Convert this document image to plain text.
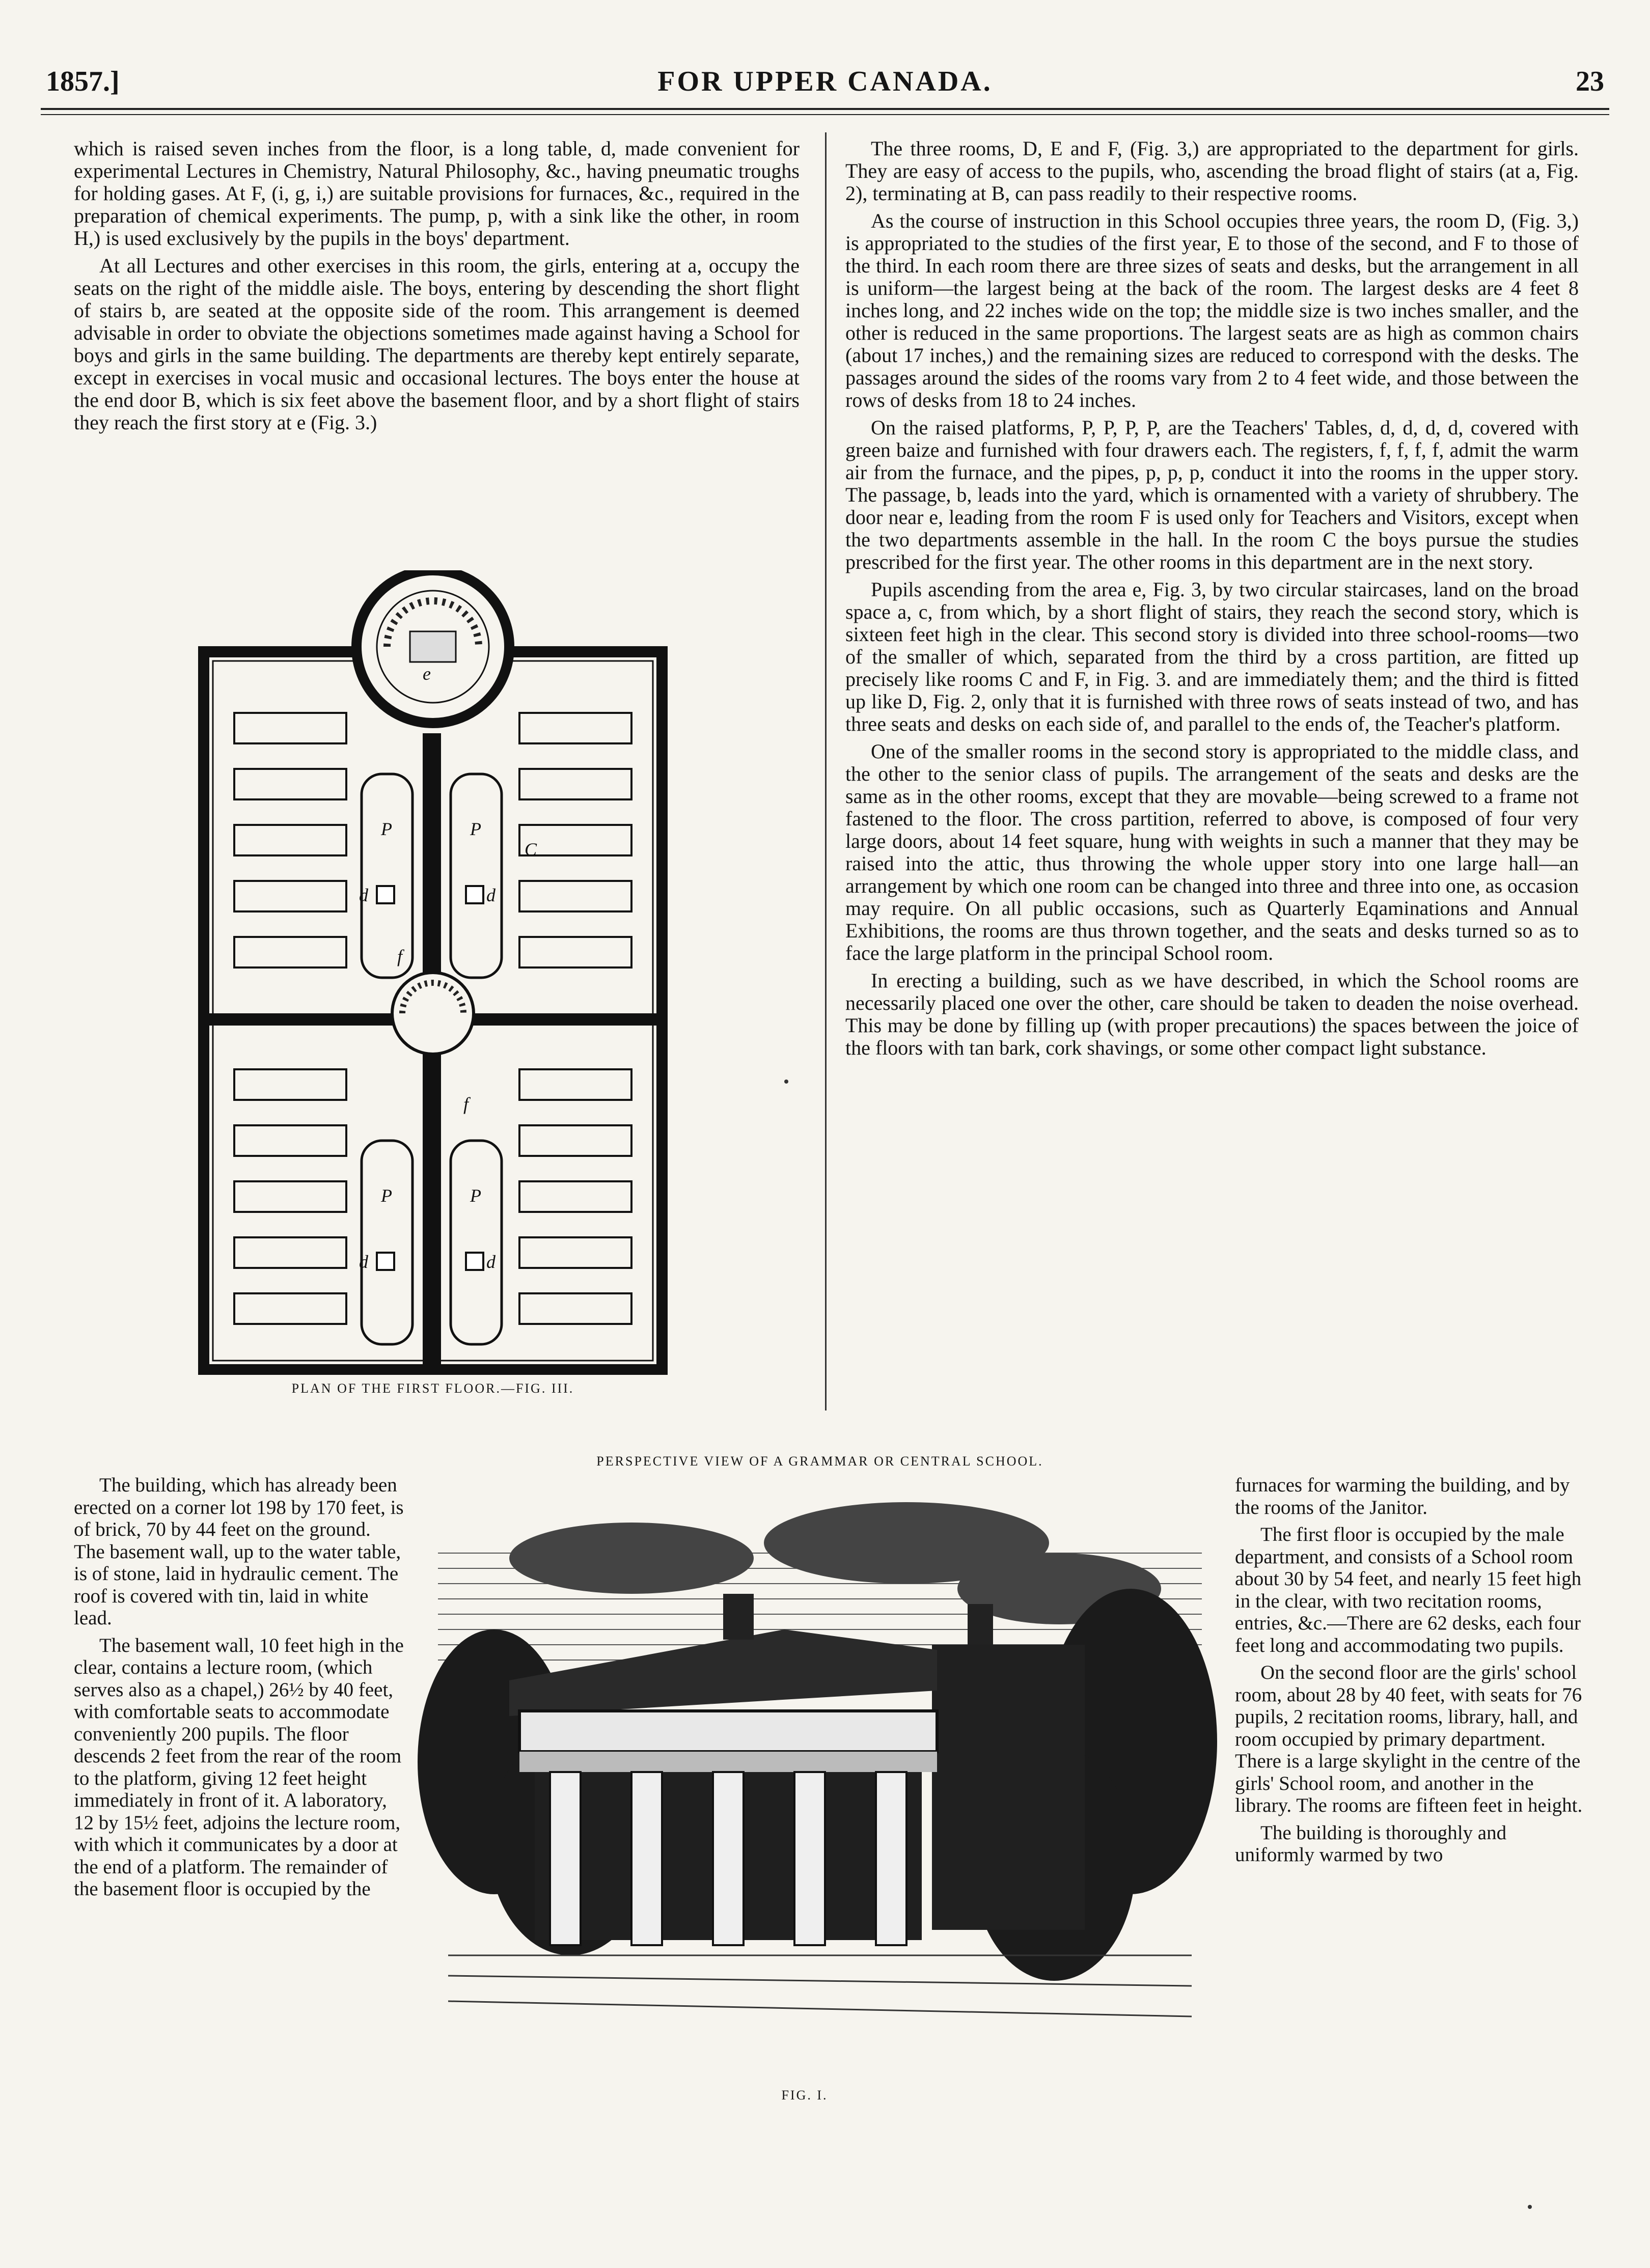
1857.]	FOR UPPER CANADA.	23

which is raised seven inches from the floor, is a long table, d, made convenient for experimental Lectures in Chemistry, Natural Philosophy, &c., having pneumatic troughs for holding gases. At F, (i, g, i,) are suitable provisions for furnaces, &c., required in the preparation of chemical experiments. The pump, p, with a sink like the other, in room H,) is used exclusively by the pupils in the boys' department.

At all Lectures and other exercises in this room, the girls, entering at a, occupy the seats on the right of the middle aisle. The boys, entering by descending the short flight of stairs b, are seated at the opposite side of the room. This arrangement is deemed advisable in order to obviate the objections sometimes made against having a School for boys and girls in the same building. The departments are thereby kept entirely separate, except in exercises in vocal music and occasional lectures. The boys enter the house at the end door B, which is six feet above the basement floor, and by a short flight of stairs they reach the first story at e (Fig. 3.)

The three rooms, D, E and F, (Fig. 3,) are appropriated to the department for girls. They are easy of access to the pupils, who, ascending the broad flight of stairs (at a, Fig. 2), terminating at B, can pass readily to their respective rooms.

As the course of instruction in this School occupies three years, the room D, (Fig. 3,) is appropriated to the studies of the first year, E to those of the second, and F to those of the third. In each room there are three sizes of seats and desks, but the arrangement in all is uniform—the largest being at the back of the room. The largest desks are 4 feet 8 inches long, and 22 inches wide on the top; the middle size is two inches smaller, and the other is reduced in the same proportions. The largest seats are as high as common chairs (about 17 inches,) and the remaining sizes are reduced to correspond with the desks. The passages around the sides of the rooms vary from 2 to 4 feet wide, and those between the rows of desks from 18 to 24 inches.

On the raised platforms, P, P, P, P, are the Teachers' Tables, d, d, d, d, covered with green baize and furnished with four drawers each. The registers, f, f, f, f, admit the warm air from the furnace, and the pipes, p, p, p, conduct it into the rooms in the upper story. The passage, b, leads into the yard, which is ornamented with a variety of shrubbery. The door near e, leading from the room F is used only for Teachers and Visitors, except when the two departments assemble in the hall. In the room C the boys pursue the studies prescribed for the first year. The other rooms in this department are in the next story.

Pupils ascending from the area e, Fig. 3, by two circular staircases, land on the broad space a, c, from which, by a short flight of stairs, they reach the second story, which is sixteen feet high in the clear. This second story is divided into three school-rooms—two of the smaller of which, separated from the third by a cross partition, are fitted up precisely like rooms C and F, in Fig. 3. and are immediately them; and the third is fitted up like D, Fig. 2, only that it is furnished with three rows of seats instead of two, and has three seats and desks on each side of, and parallel to the ends of, the Teacher's platform.

One of the smaller rooms in the second story is appropriated to the middle class, and the other to the senior class of pupils. The arrangement of the seats and desks are the same as in the other rooms, except that they are movable—being screwed to a frame not fastened to the floor. The cross partition, referred to above, is composed of four very large doors, about 14 feet square, hung with weights in such a manner that they may be raised into the attic, thus throwing the whole upper story into one large hall—an arrangement by which one room can be changed into three and three into one, as occasion may require. On all public occasions, such as Quarterly Eqaminations and Annual Exhibitions, the rooms are thus thrown together, and the seats and desks turned so as to face the large platform in the principal School room.

In erecting a building, such as we have described, in which the School rooms are necessarily placed one over the other, care should be taken to deaden the noise overhead. This may be done by filling up (with proper precautions) the spaces between the joice of the floors with tan bark, cork shavings, or some other compact light substance.

P	P
P	P
d	d
d	d
C
f
f
e
PLAN OF THE FIRST FLOOR.—FIG. III.
PERSPECTIVE VIEW OF A GRAMMAR OR CENTRAL SCHOOL.

The building, which has already been erected on a corner lot 198 by 170 feet, is of brick, 70 by 44 feet on the ground. The basement wall, up to the water table, is of stone, laid in hydraulic cement. The roof is covered with tin, laid in white lead.

The basement wall, 10 feet high in the clear, contains a lecture room, (which serves also as a chapel,) 26½ by 40 feet, with comfortable seats to accommodate conveniently 200 pupils. The floor descends 2 feet from the rear of the room to the platform, giving 12 feet height immediately in front of it. A laboratory, 12 by 15½ feet, adjoins the lecture room, with which it communicates by a door at the end of a platform. The remainder of the basement floor is occupied by the

FIG. I.

furnaces for warming the building, and by the rooms of the Janitor.

The first floor is occupied by the male department, and consists of a School room about 30 by 54 feet, and nearly 15 feet high in the clear, with two recitation rooms, entries, &c.—There are 62 desks, each four feet long and accommodating two pupils.

On the second floor are the girls' school room, about 28 by 40 feet, with seats for 76 pupils, 2 recitation rooms, library, hall, and room occupied by primary department. There is a large skylight in the centre of the girls' School room, and another in the library. The rooms are fifteen feet in height.

The building is thoroughly and uniformly warmed by two
